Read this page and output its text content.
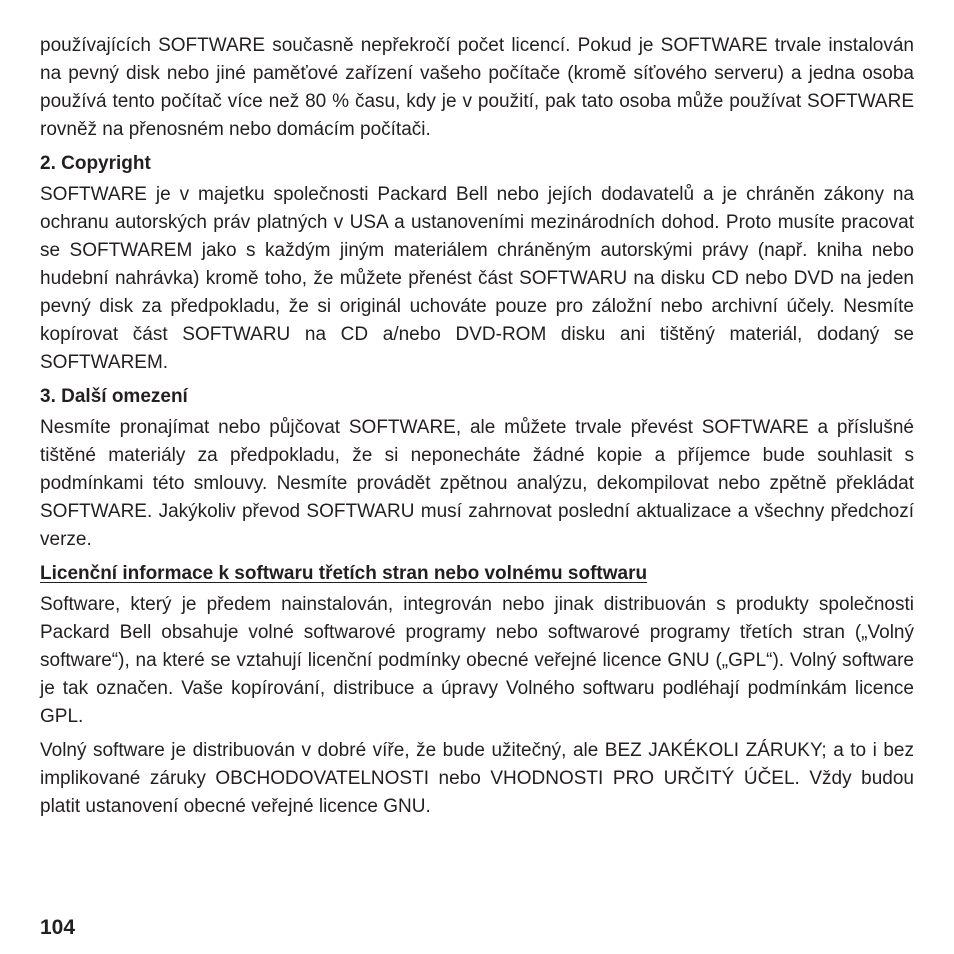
používajících SOFTWARE současně nepřekročí počet licencí. Pokud je SOFTWARE trvale instalován na pevný disk nebo jiné paměťové zařízení vašeho počítače (kromě síťového serveru) a jedna osoba používá tento počítač více než 80 % času, kdy je v použití, pak tato osoba může používat SOFTWARE rovněž na přenosném nebo domácím počítači.

2. Copyright

SOFTWARE je v majetku společnosti Packard Bell nebo jejích dodavatelů a je chráněn zákony na ochranu autorských práv platných v USA a ustanoveními mezinárodních dohod. Proto musíte pracovat se SOFTWAREM jako s každým jiným materiálem chráněným autorskými právy (např. kniha nebo hudební nahrávka) kromě toho, že můžete přenést část SOFTWARU na disku CD nebo DVD na jeden pevný disk za předpokladu, že si originál uchováte pouze pro záložní nebo archivní účely. Nesmíte kopírovat část SOFTWARU na CD a/nebo DVD-ROM disku ani tištěný materiál, dodaný se SOFTWAREM.

3. Další omezení

Nesmíte pronajímat nebo půjčovat SOFTWARE, ale můžete trvale převést SOFTWARE a příslušné tištěné materiály za předpokladu, že si neponecháte žádné kopie a příjemce bude souhlasit s podmínkami této smlouvy. Nesmíte provádět zpětnou analýzu, dekompilovat nebo zpětně překládat SOFTWARE. Jakýkoliv převod SOFTWARU musí zahrnovat poslední aktualizace a všechny předchozí verze.

Licenční informace k softwaru třetích stran nebo volnému softwaru

Software, který je předem nainstalován, integrován nebo jinak distribuován s produkty společnosti Packard Bell obsahuje volné softwarové programy nebo softwarové programy třetích stran („Volný software“), na které se vztahují licenční podmínky obecné veřejné licence GNU („GPL“). Volný software je tak označen. Vaše kopírování, distribuce a úpravy Volného softwaru podléhají podmínkám licence GPL.

Volný software je distribuován v dobré víře, že bude užitečný, ale BEZ JAKÉKOLI ZÁRUKY; a to i bez implikované záruky OBCHODOVATELNOSTI nebo VHODNOSTI PRO URČITÝ ÚČEL. Vždy budou platit ustanovení obecné veřejné licence GNU.

104
